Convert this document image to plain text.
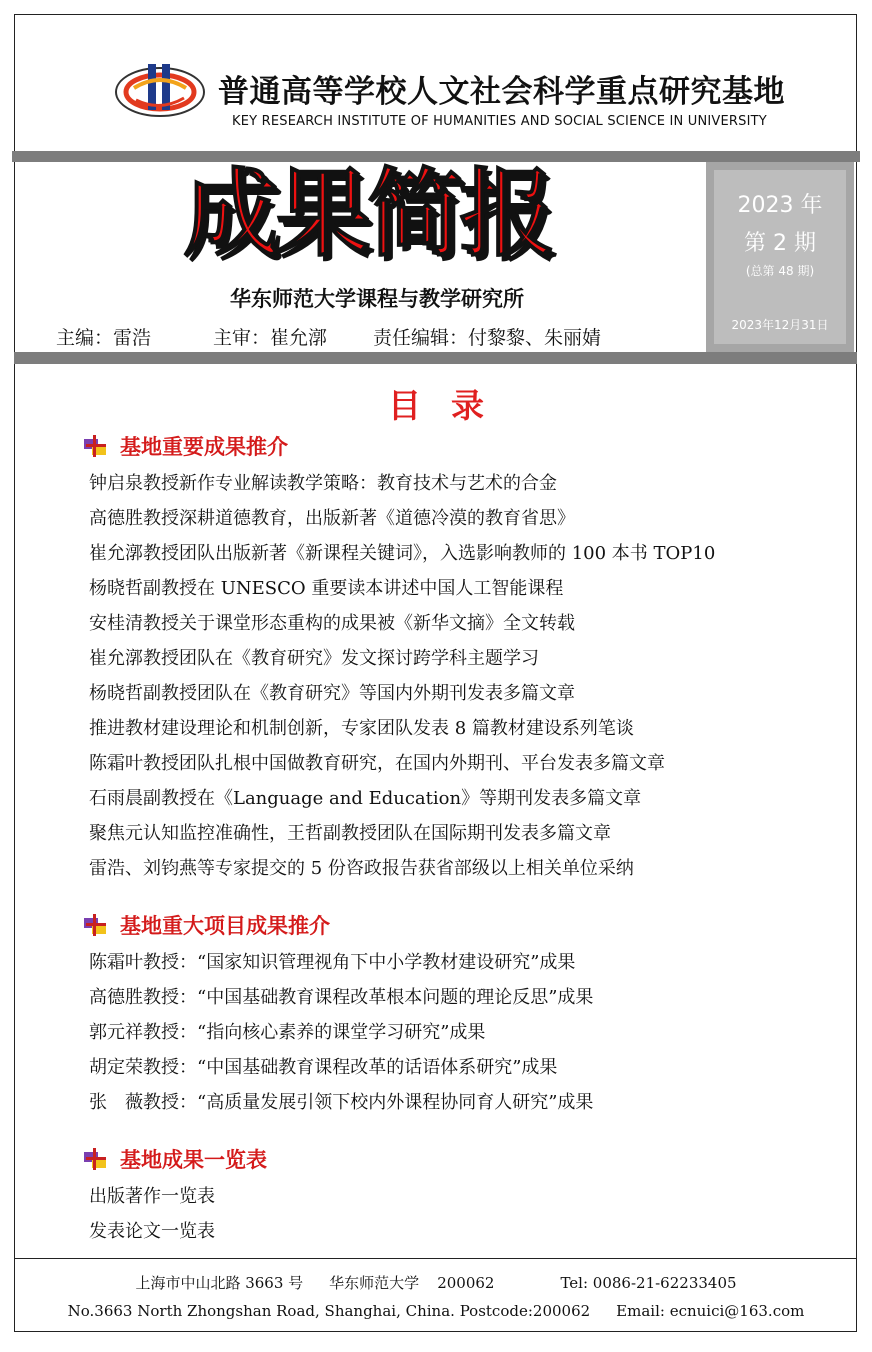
普通高等学校人文社会科学重点研究基地
KEY RESEARCH INSTITUTE OF HUMANITIES AND SOCIAL SCIENCE IN UNIVERSITY
成果简报
华东师范大学课程与教学研究所
主编：雷浩	主审：崔允漷 责任编辑：付黎黎、朱丽婧
2023 年
第 2 期
(总第 48 期)
2023年12月31日
目录
基地重要成果推介
钟启泉教授新作专业解读教学策略：教育技术与艺术的合金
高德胜教授深耕道德教育，出版新著《道德冷漠的教育省思》
崔允漷教授团队出版新著《新课程关键词》，入选影响教师的 100 本书 TOP10
杨晓哲副教授在 UNESCO 重要读本讲述中国人工智能课程
安桂清教授关于课堂形态重构的成果被《新华文摘》全文转载
崔允漷教授团队在《教育研究》发文探讨跨学科主题学习
杨晓哲副教授团队在《教育研究》等国内外期刊发表多篇文章
推进教材建设理论和机制创新，专家团队发表 8 篇教材建设系列笔谈
陈霜叶教授团队扎根中国做教育研究，在国内外期刊、平台发表多篇文章
石雨晨副教授在《Language and Education》等期刊发表多篇文章
聚焦元认知监控准确性，王哲副教授团队在国际期刊发表多篇文章
雷浩、刘钧燕等专家提交的 5 份咨政报告获省部级以上相关单位采纳
基地重大项目成果推介
陈霜叶教授：“国家知识管理视角下中小学教材建设研究”成果
高德胜教授：“中国基础教育课程改革根本问题的理论反思”成果
郭元祥教授：“指向核心素养的课堂学习研究”成果
胡定荣教授：“中国基础教育课程改革的话语体系研究”成果
张　薇教授：“高质量发展引领下校内外课程协同育人研究”成果
基地成果一览表
出版著作一览表
发表论文一览表
上海市中山北路 3663 号 华东师范大学 200062	Tel: 0086-21-62233405
No.3663 North Zhongshan Road, Shanghai, China. Postcode:200062 Email: ecnuici@163.com
